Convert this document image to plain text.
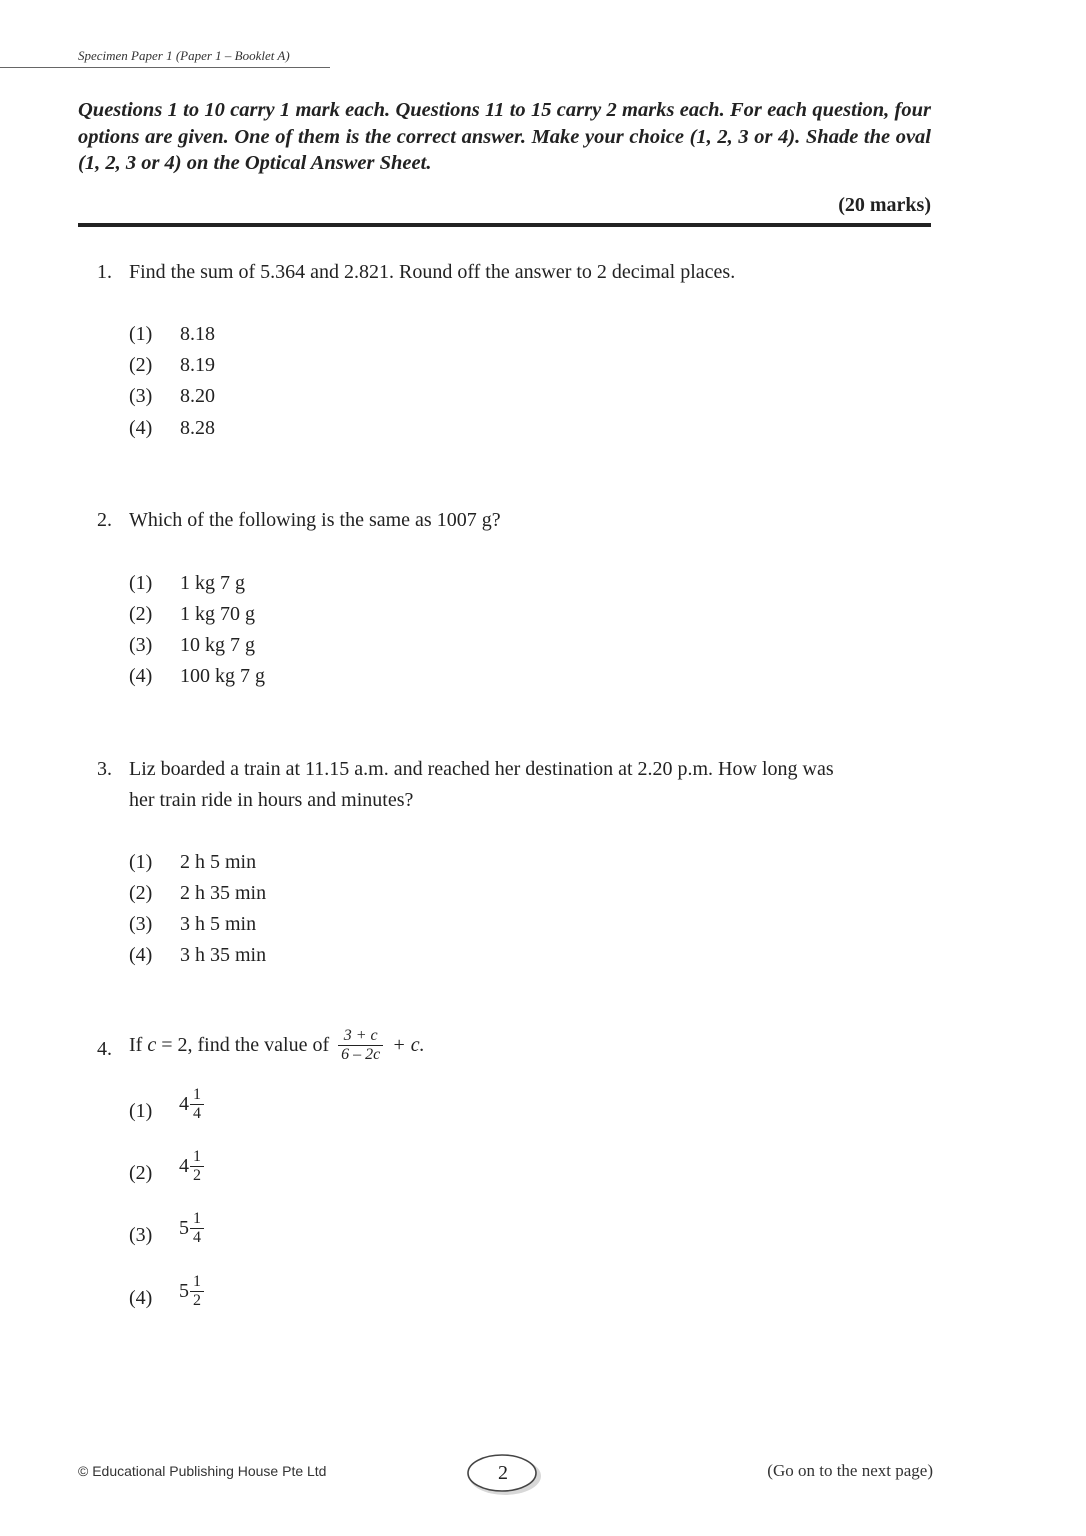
Specimen Paper 1 (Paper 1 – Booklet A)
Questions 1 to 10 carry 1 mark each. Questions 11 to 15 carry 2 marks each. For each question, four options are given. One of them is the correct answer. Make your choice (1, 2, 3 or 4). Shade the oval (1, 2, 3 or 4) on the Optical Answer Sheet.
(20 marks)
1. Find the sum of 5.364 and 2.821. Round off the answer to 2 decimal places.
(1) 8.18
(2) 8.19
(3) 8.20
(4) 8.28
2. Which of the following is the same as 1007 g?
(1) 1 kg 7 g
(2) 1 kg 70 g
(3) 10 kg 7 g
(4) 100 kg 7 g
3. Liz boarded a train at 11.15 a.m. and reached her destination at 2.20 p.m. How long was
her train ride in hours and minutes?
(1) 2 h 5 min
(2) 2 h 35 min
(3) 3 h 5 min
(4) 3 h 35 min
4. If c = 2, find the value of $\frac{3 + c}{6 - 2c} + c$.
(1) $4 \frac{1}{4}$
(2) $4 \frac{1}{2}$
(3) $5 \frac{1}{4}$
(4) $5 \frac{1}{2}$
© Educational Publishing House Pte Ltd	2	(Go on to the next page)
